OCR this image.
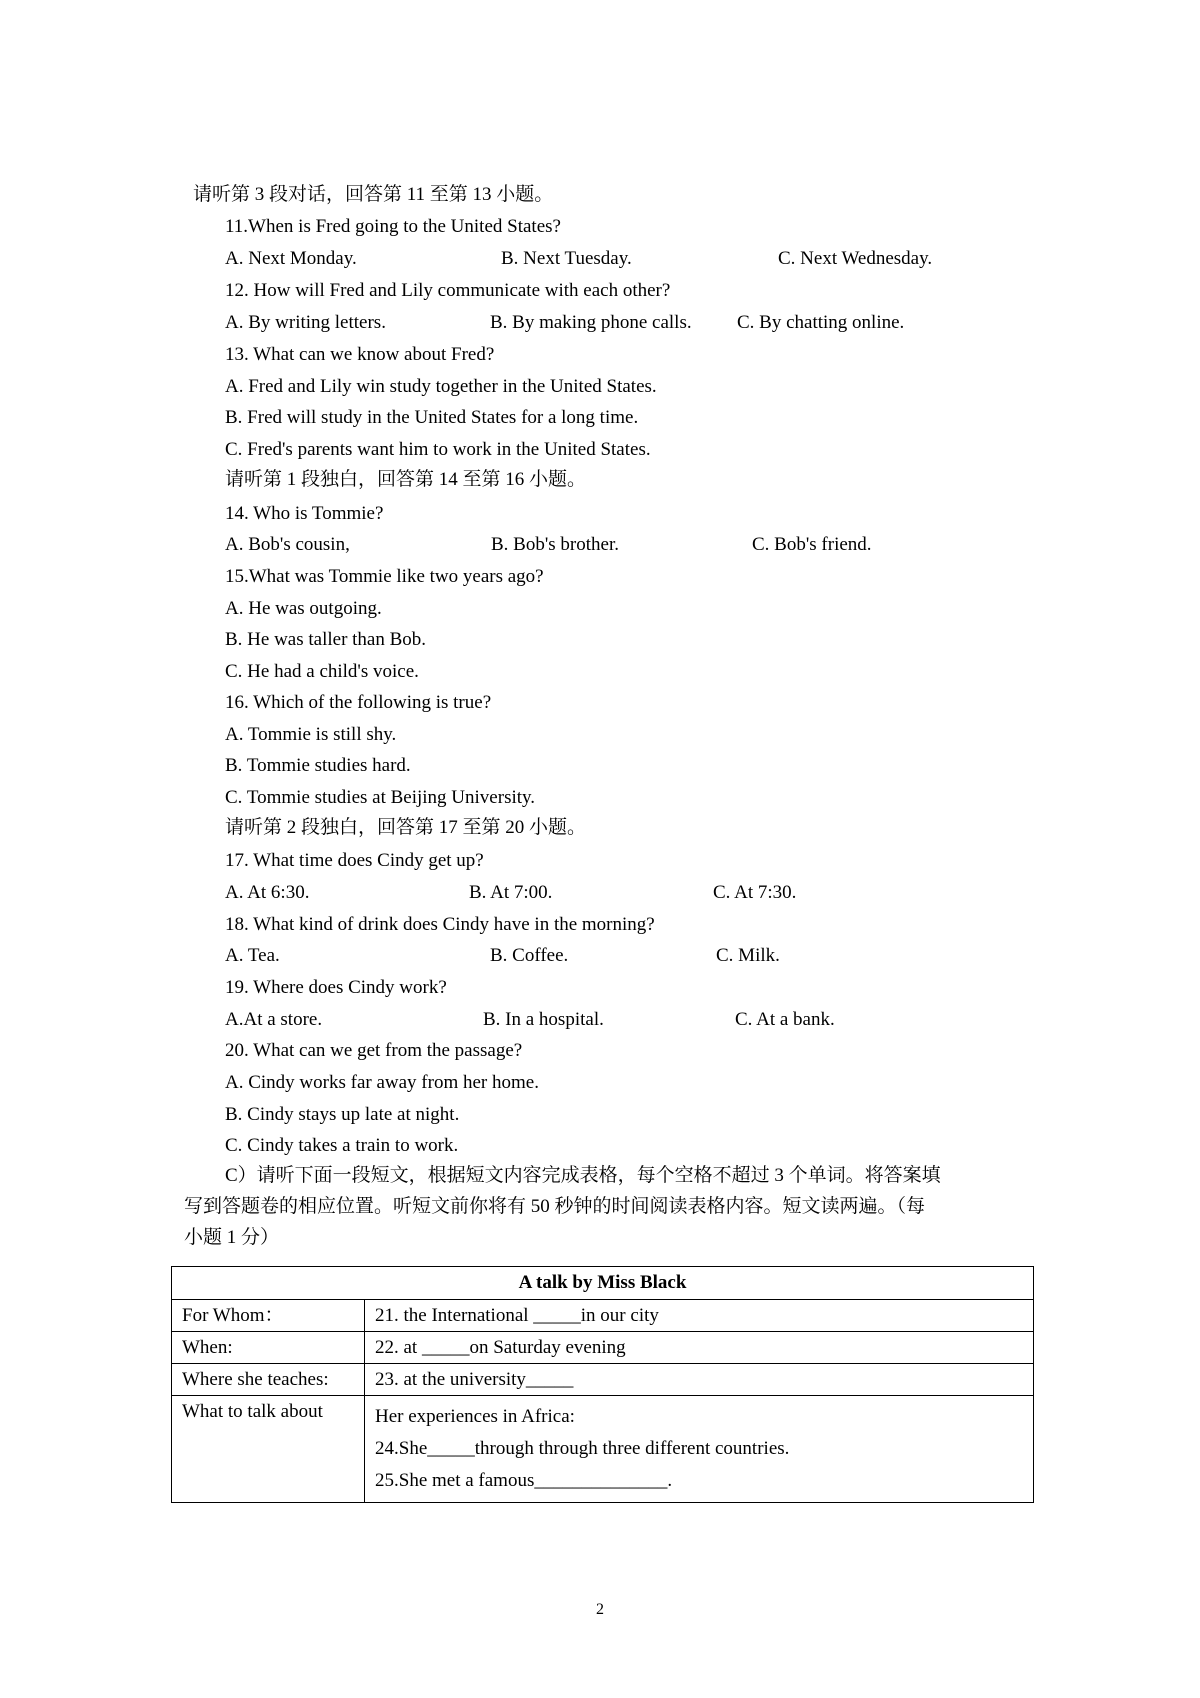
请听第 3 段对话，回答第 11 至第 13 小题。
11.When is Fred going to the United States?
A. Next Monday.	B. Next Tuesday.	C. Next Wednesday.
12. How will Fred and Lily communicate with each other?
A. By writing letters.	B. By making phone calls. C. By chatting online.
13. What can we know about Fred?
A. Fred and Lily win study together in the United States.
B. Fred will study in the United States for a long time.
C. Fred's parents want him to work in the United States.
请听第 1 段独白，回答第 14 至第 16 小题。
14. Who is Tommie?
A. Bob's cousin,	B. Bob's brother.	C. Bob's friend.
15.What was Tommie like two years ago?
A. He was outgoing.
B. He was taller than Bob.
C. He had a child's voice.
16. Which of the following is true?
A. Tommie is still shy.
B. Tommie studies hard.
C. Tommie studies at Beijing University.
请听第 2 段独白，回答第 17 至第 20 小题。
17. What time does Cindy get up?
A. At 6:30.	B. At 7:00.	C. At 7:30.
18. What kind of drink does Cindy have in the morning?
A. Tea.	B. Coffee.	C. Milk.
19. Where does Cindy work?
A.At a store.	B. In a hospital.	C. At a bank.
20. What can we get from the passage?
A. Cindy works far away from her home.
B. Cindy stays up late at night.
C. Cindy takes a train to work.
C）请听下面一段短文，根据短文内容完成表格，每个空格不超过 3 个单词。将答案填
写到答题卷的相应位置。听短文前你将有 50 秒钟的时间阅读表格内容。短文读两遍。（每
小题 1 分）
A talk by Miss Black	
For Whom：	21. the International _____in our city
When:	22. at _____on Saturday evening
Where she teaches:	23. at the university_____
What to talk about	Her experiences in Africa:
24.She_____through through three different countries.
25.She met a famous______________.
2
